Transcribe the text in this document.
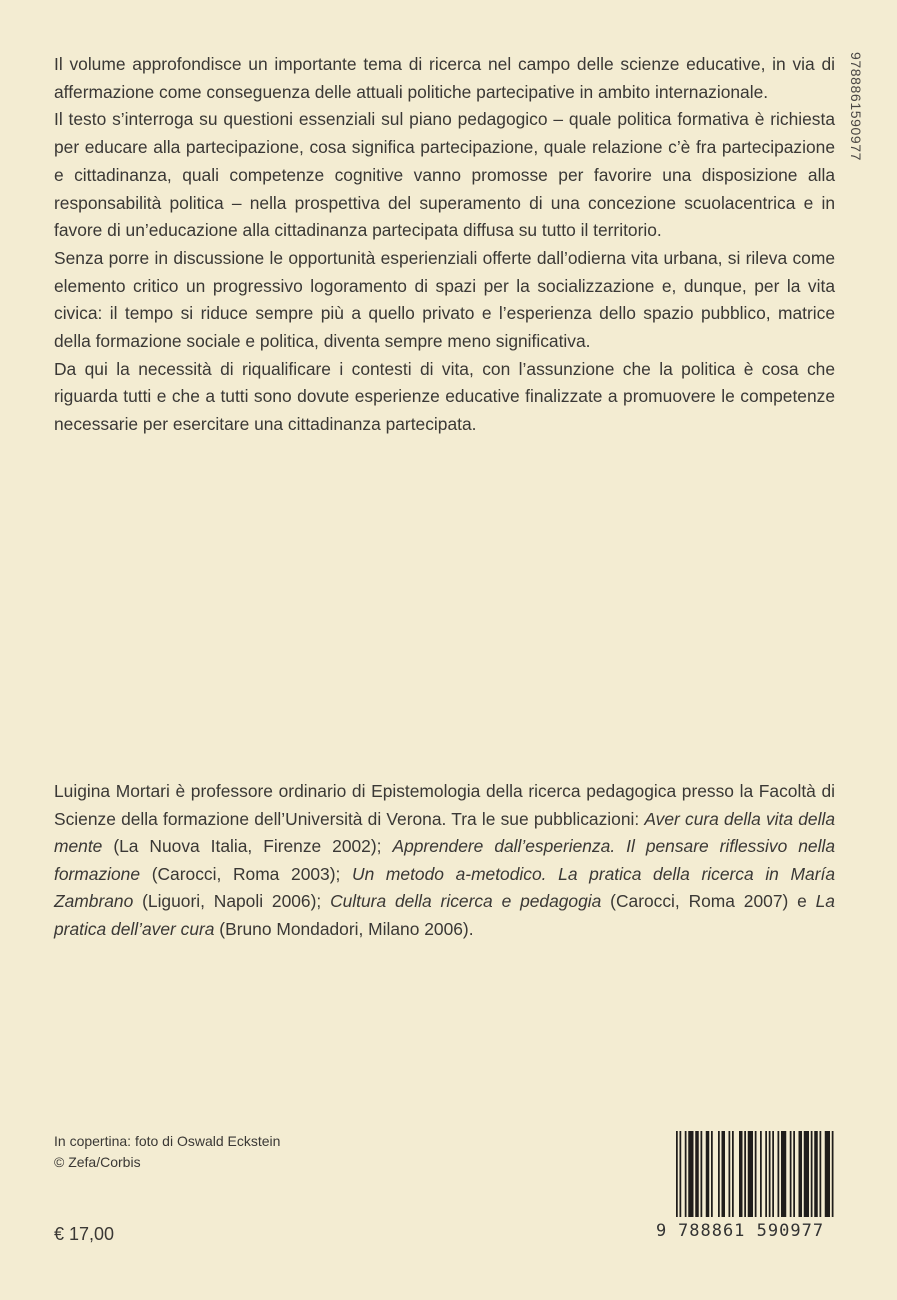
Il volume approfondisce un importante tema di ricerca nel campo delle scienze educative, in via di affermazione come conseguenza delle attuali politiche partecipative in ambito internazionale.

Il testo s’interroga su questioni essenziali sul piano pedagogico – quale politica formativa è richiesta per educare alla partecipazione, cosa significa partecipazione, quale relazione c’è fra partecipazione e cittadinanza, quali competenze cognitive vanno promosse per favorire una disposizione alla responsabilità politica – nella prospettiva del superamento di una concezione scuolacentrica e in favore di un’educazione alla cittadinanza partecipata diffusa su tutto il territorio.

Senza porre in discussione le opportunità esperienziali offerte dall’odierna vita urbana, si rileva come elemento critico un progressivo logoramento di spazi per la socializzazione e, dunque, per la vita civica: il tempo si riduce sempre più a quello privato e l’esperienza dello spazio pubblico, matrice della formazione sociale e politica, diventa sempre meno significativa.

Da qui la necessità di riqualificare i contesti di vita, con l’assunzione che la politica è cosa che riguarda tutti e che a tutti sono dovute esperienze educative finalizzate a promuovere le competenze necessarie per esercitare una cittadinanza partecipata.

9788861590977

Luigina Mortari è professore ordinario di Epistemologia della ricerca pedagogica presso la Facoltà di Scienze della formazione dell’Università di Verona. Tra le sue pubblicazioni: Aver cura della vita della mente (La Nuova Italia, Firenze 2002); Apprendere dall’esperienza. Il pensare riflessivo nella formazione (Carocci, Roma 2003); Un metodo a-metodico. La pratica della ricerca in María Zambrano (Liguori, Napoli 2006); Cultura della ricerca e pedagogia (Carocci, Roma 2007) e La pratica dell’aver cura (Bruno Mondadori, Milano 2006).

In copertina: foto di Oswald Eckstein
© Zefa/Corbis
€ 17,00	9 788861 590977
